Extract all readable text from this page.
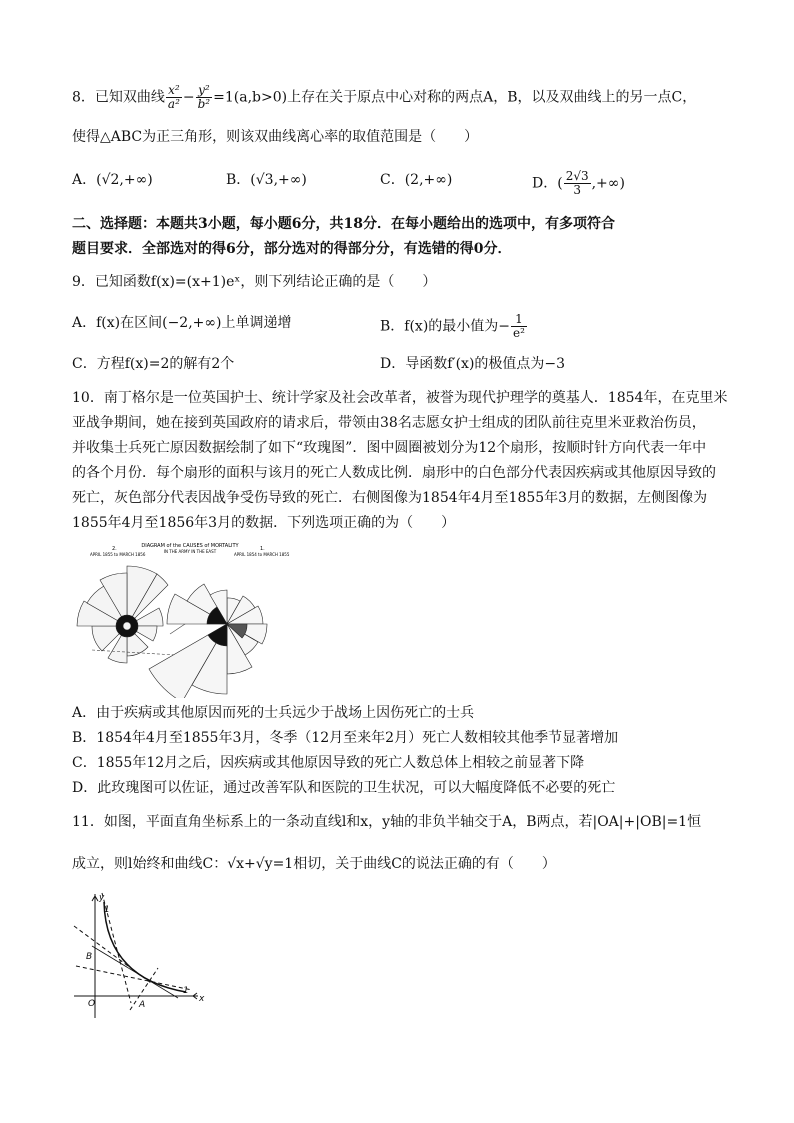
8．已知双曲线 $\frac{\text{x²}}{\text{a²}} - \frac{\text{y²}}{\text{b²}} =1(a,b>0)$上存在关于原点中心对称的两点A，B，以及双曲线上的另一点C，
使得△ABC为正三角形，则该双曲线离心率的取值范围是（　　）
A．(√2,+∞)	B．(√3,+∞)	C．(2,+∞)	D．( $\frac{2√3}{3}$ ,+∞)
二、选择题：本题共3小题，每小题6分，共18分．在每小题给出的选项中，有多项符合
题目要求．全部选对的得6分，部分选对的得部分分，有选错的得0分．
9．已知函数f(x)=(x+1)eˣ，则下列结论正确的是（　　）
A．f(x)在区间(−2,+∞)上单调递增	B．f(x)的最小值为− $\frac{1}{\text{e²}}$
C．方程f(x)=2的解有2个	D．导函数f′(x)的极值点为−3
10．南丁格尔是一位英国护士、统计学家及社会改革者，被誉为现代护理学的奠基人．1854年，在克里米
亚战争期间，她在接到英国政府的请求后，带领由38名志愿女护士组成的团队前往克里米亚救治伤员，
并收集士兵死亡原因数据绘制了如下“玫瑰图”．图中圆圈被划分为12个扇形，按顺时针方向代表一年中
的各个月份．每个扇形的面积与该月的死亡人数成比例．扇形中的白色部分代表因疾病或其他原因导致的
死亡，灰色部分代表因战争受伤导致的死亡．右侧图像为1854年4月至1855年3月的数据，左侧图像为
1855年4月至1856年3月的数据．下列选项正确的为（　　）
DIAGRAM of the CAUSES of MORTALITY
IN THE ARMY IN THE EAST
2.
APRIL 1855 to MARCH 1856
1.
APRIL 1854 to MARCH 1855
A．由于疾病或其他原因而死的士兵远少于战场上因伤死亡的士兵
B．1854年4月至1855年3月，冬季（12月至来年2月）死亡人数相较其他季节显著增加
C．1855年12月之后，因疾病或其他原因导致的死亡人数总体上相较之前显著下降
D．此玫瑰图可以佐证，通过改善军队和医院的卫生状况，可以大幅度降低不必要的死亡
11．如图，平面直角坐标系上的一条动直线l和x，y轴的非负半轴交于A，B两点，若|OA|+|OB|=1恒
成立，则l始终和曲线C：√x+√y=1相切，关于曲线C的说法正确的有（　　）
y
x
O
1
1
A
B
